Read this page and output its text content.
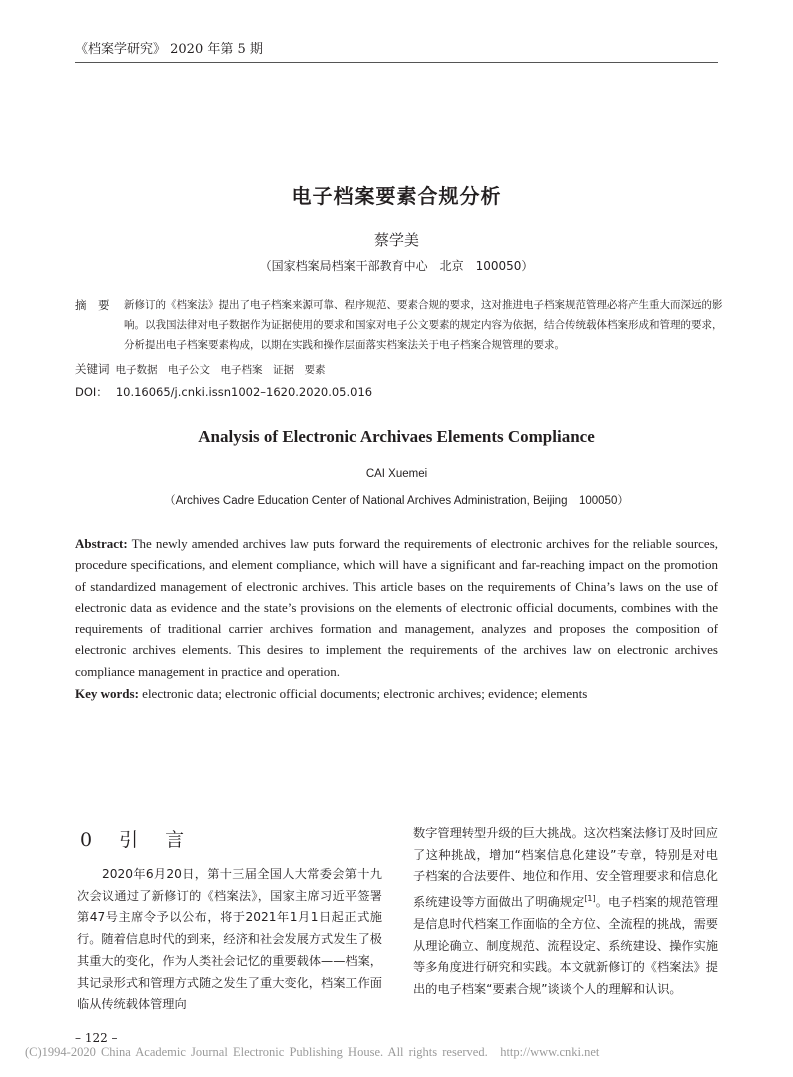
《档案学研究》 2020 年第 5 期
电子档案要素合规分析
蔡学美
（国家档案局档案干部教育中心　北京　100050）
摘　要 新修订的《档案法》提出了电子档案来源可靠、程序规范、要素合规的要求，这对推进电子档案规范管理必将产生重大而深远的影响。以我国法律对电子数据作为证据使用的要求和国家对电子公文要素的规定内容为依据，结合传统载体档案形成和管理的要求，分析提出电子档案要素构成，以期在实践和操作层面落实档案法关于电子档案合规管理的要求。
关键词 电子数据　电子公文　电子档案　证据　要素
DOI： 10.16065/j.cnki.issn1002–1620.2020.05.016
Analysis of Electronic Archivaes Elements Compliance
CAI Xuemei
（Archives Cadre Education Center of National Archives Administration, Beijing　100050）
Abstract: The newly amended archives law puts forward the requirements of electronic archives for the reliable sources, procedure specifications, and element compliance, which will have a significant and far-reaching impact on the promotion of standardized management of electronic archives. This article bases on the requirements of China’s laws on the use of electronic data as evidence and the state’s provisions on the elements of electronic official documents, combines with the requirements of traditional carrier archives formation and management, analyzes and proposes the composition of electronic archives elements. This desires to implement the requirements of the archives law on electronic archives compliance management in practice and operation.
Key words: electronic data; electronic official documents; electronic archives; evidence; elements
0　引　言
2020年6月20日，第十三届全国人大常委会第十九次会议通过了新修订的《档案法》，国家主席习近平签署第47号主席令予以公布，将于2021年1月1日起正式施行。随着信息时代的到来，经济和社会发展方式发生了极其重大的变化，作为人类社会记忆的重要载体——档案，其记录形式和管理方式随之发生了重大变化，档案工作面临从传统载体管理向
数字管理转型升级的巨大挑战。这次档案法修订及时回应了这种挑战，增加“档案信息化建设”专章，特别是对电子档案的合法要件、地位和作用、安全管理要求和信息化系统建设等方面做出了明确规定[1]。电子档案的规范管理是信息时代档案工作面临的全方位、全流程的挑战，需要从理论确立、制度规范、流程设定、系统建设、操作实施等多角度进行研究和实践。本文就新修订的《档案法》提出的电子档案“要素合规”谈谈个人的理解和认识。
– 122 –
(C)1994-2020 China Academic Journal Electronic Publishing House. All rights reserved.　http://www.cnki.net
